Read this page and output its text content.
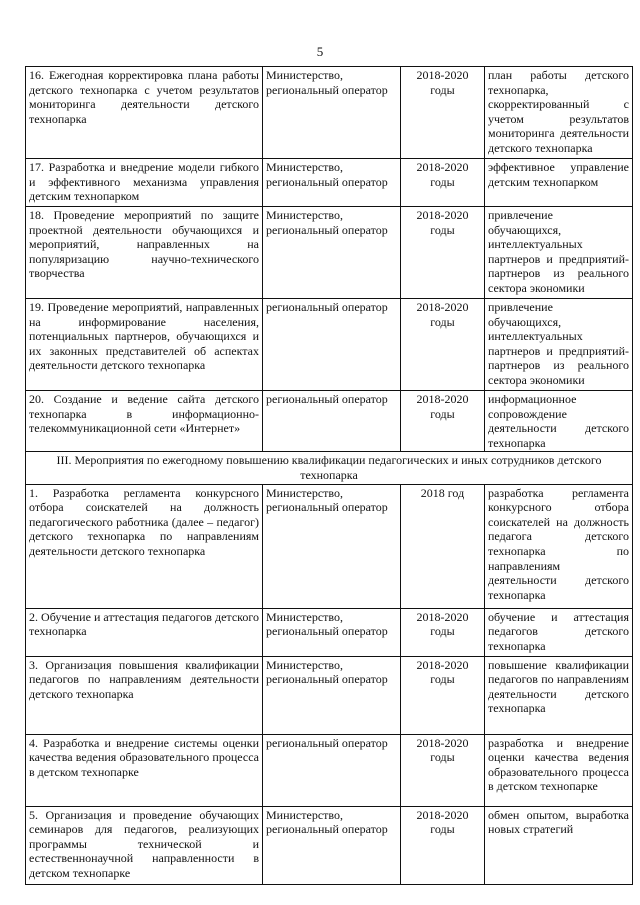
5
16. Ежегодная корректировка плана работы детского технопарка с учетом результатов мониторинга деятельности детского технопарка	Министерство, региональный оператор	2018-2020 годы	план работы детского технопарка, скорректированный с учетом результатов мониторинга деятельности детского технопарка
17. Разработка и внедрение модели гибкого и эффективного механизма управления детским технопарком	Министерство, региональный оператор	2018-2020 годы	эффективное управление детским технопарком
18. Проведение мероприятий по защите проектной деятельности обучающихся и мероприятий, направленных на популяризацию научно-технического творчества	Министерство, региональный оператор	2018-2020 годы	привлечение обучающихся, интеллектуальных партнеров и предприятий-партнеров из реального сектора экономики
19. Проведение мероприятий, направленных на информирование населения, потенциальных партнеров, обучающихся и их законных представителей об аспектах деятельности детского технопарка	региональный оператор	2018-2020 годы	привлечение обучающихся, интеллектуальных партнеров и предприятий-партнеров из реального сектора экономики
20. Создание и ведение сайта детского технопарка в информационно-телекоммуникационной сети «Интернет»	региональный оператор	2018-2020 годы	информационное сопровождение деятельности детского технопарка
III. Мероприятия по ежегодному повышению квалификации педагогических и иных сотрудников детского технопарка			
1. Разработка регламента конкурсного отбора соискателей на должность педагогического работника (далее – педагог) детского технопарка по направлениям деятельности детского технопарка	Министерство, региональный оператор	2018 год	разработка регламента конкурсного отбора соискателей на должность педагога детского технопарка по направлениям деятельности детского технопарка
2. Обучение и аттестация педагогов детского технопарка	Министерство, региональный оператор	2018-2020 годы	обучение и аттестация педагогов детского технопарка
3. Организация повышения квалификации педагогов по направлениям деятельности детского технопарка	Министерство, региональный оператор	2018-2020 годы	повышение квалификации педагогов по направлениям деятельности детского технопарка
4. Разработка и внедрение системы оценки качества ведения образовательного процесса в детском технопарке	региональный оператор	2018-2020 годы	разработка и внедрение оценки качества ведения образовательного процесса в детском технопарке
5. Организация и проведение обучающих семинаров для педагогов, реализующих программы технической и естественнонаучной направленности в детском технопарке	Министерство, региональный оператор	2018-2020 годы	обмен опытом, выработка новых стратегий
